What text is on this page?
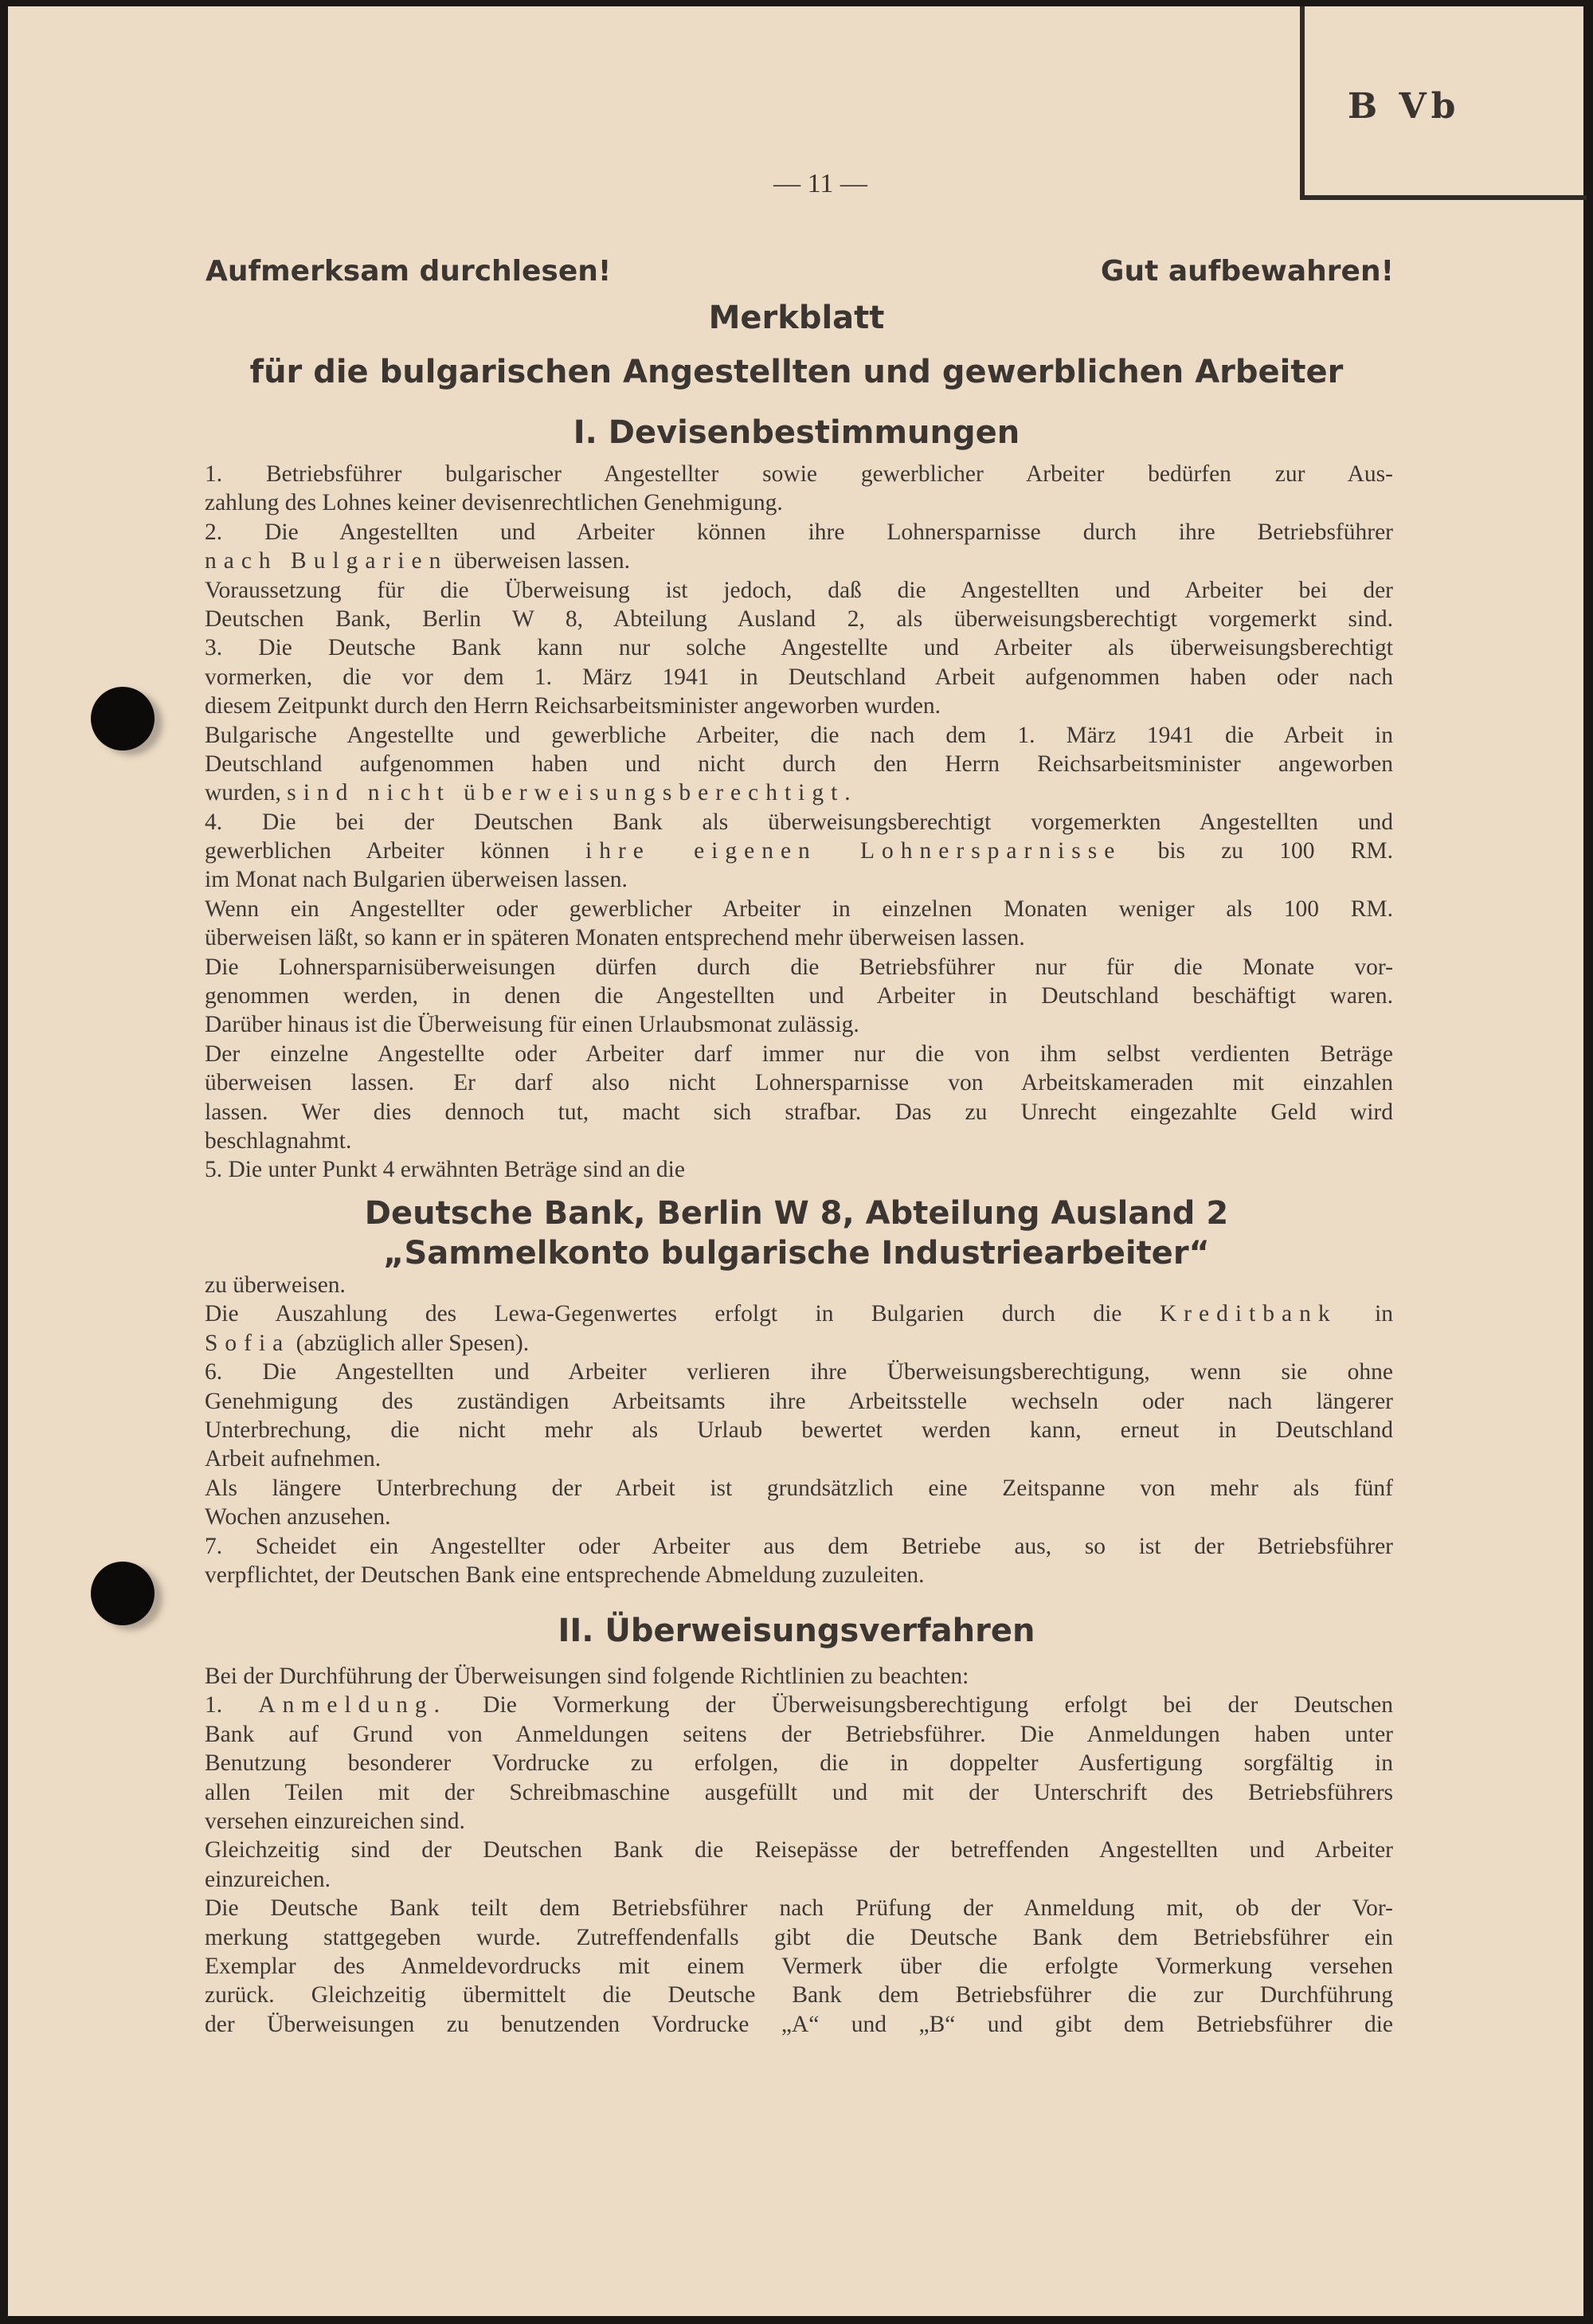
B Vb
— 11 —
Aufmerksam durchlesen!	Gut aufbewahren!
Merkblatt
für die bulgarischen Angestellten und gewerblichen Arbeiter
I. Devisenbestimmungen
1. Betriebsführer bulgarischer Angestellter sowie gewerblicher Arbeiter bedürfen zur Aus-
zahlung des Lohnes keiner devisenrechtlichen Genehmigung.
2. Die Angestellten und Arbeiter können ihre Lohnersparnisse durch ihre Betriebsführer
nach Bulgarien überweisen lassen.
Voraussetzung für die Überweisung ist jedoch, daß die Angestellten und Arbeiter bei der
Deutschen Bank, Berlin W 8, Abteilung Ausland 2, als überweisungsberechtigt vorgemerkt sind.
3. Die Deutsche Bank kann nur solche Angestellte und Arbeiter als überweisungsberechtigt
vormerken, die vor dem 1. März 1941 in Deutschland Arbeit aufgenommen haben oder nach
diesem Zeitpunkt durch den Herrn Reichsarbeitsminister angeworben wurden.
Bulgarische Angestellte und gewerbliche Arbeiter, die nach dem 1. März 1941 die Arbeit in
Deutschland aufgenommen haben und nicht durch den Herrn Reichsarbeitsminister angeworben
wurden, sind nicht überweisungsberechtigt.
4. Die bei der Deutschen Bank als überweisungsberechtigt vorgemerkten Angestellten und
gewerblichen Arbeiter können ihre eigenen Lohnersparnisse bis zu 100 RM.
im Monat nach Bulgarien überweisen lassen.
Wenn ein Angestellter oder gewerblicher Arbeiter in einzelnen Monaten weniger als 100 RM.
überweisen läßt, so kann er in späteren Monaten entsprechend mehr überweisen lassen.
Die Lohnersparnisüberweisungen dürfen durch die Betriebsführer nur für die Monate vor-
genommen werden, in denen die Angestellten und Arbeiter in Deutschland beschäftigt waren.
Darüber hinaus ist die Überweisung für einen Urlaubsmonat zulässig.
Der einzelne Angestellte oder Arbeiter darf immer nur die von ihm selbst verdienten Beträge
überweisen lassen. Er darf also nicht Lohnersparnisse von Arbeitskameraden mit einzahlen
lassen. Wer dies dennoch tut, macht sich strafbar. Das zu Unrecht eingezahlte Geld wird
beschlagnahmt.
5. Die unter Punkt 4 erwähnten Beträge sind an die
Deutsche Bank, Berlin W 8, Abteilung Ausland 2
„Sammelkonto bulgarische Industriearbeiter“
zu überweisen.
Die Auszahlung des Lewa-Gegenwertes erfolgt in Bulgarien durch die Kreditbank in
Sofia (abzüglich aller Spesen).
6. Die Angestellten und Arbeiter verlieren ihre Überweisungsberechtigung, wenn sie ohne
Genehmigung des zuständigen Arbeitsamts ihre Arbeitsstelle wechseln oder nach längerer
Unterbrechung, die nicht mehr als Urlaub bewertet werden kann, erneut in Deutschland
Arbeit aufnehmen.
Als längere Unterbrechung der Arbeit ist grundsätzlich eine Zeitspanne von mehr als fünf
Wochen anzusehen.
7. Scheidet ein Angestellter oder Arbeiter aus dem Betriebe aus, so ist der Betriebsführer
verpflichtet, der Deutschen Bank eine entsprechende Abmeldung zuzuleiten.
II. Überweisungsverfahren
Bei der Durchführung der Überweisungen sind folgende Richtlinien zu beachten:
1. Anmeldung. Die Vormerkung der Überweisungsberechtigung erfolgt bei der Deutschen
Bank auf Grund von Anmeldungen seitens der Betriebsführer. Die Anmeldungen haben unter
Benutzung besonderer Vordrucke zu erfolgen, die in doppelter Ausfertigung sorgfältig in
allen Teilen mit der Schreibmaschine ausgefüllt und mit der Unterschrift des Betriebsführers
versehen einzureichen sind.
Gleichzeitig sind der Deutschen Bank die Reisepässe der betreffenden Angestellten und Arbeiter
einzureichen.
Die Deutsche Bank teilt dem Betriebsführer nach Prüfung der Anmeldung mit, ob der Vor-
merkung stattgegeben wurde. Zutreffendenfalls gibt die Deutsche Bank dem Betriebsführer ein
Exemplar des Anmeldevordrucks mit einem Vermerk über die erfolgte Vormerkung versehen
zurück. Gleichzeitig übermittelt die Deutsche Bank dem Betriebsführer die zur Durchführung
der Überweisungen zu benutzenden Vordrucke „A“ und „B“ und gibt dem Betriebsführer die
